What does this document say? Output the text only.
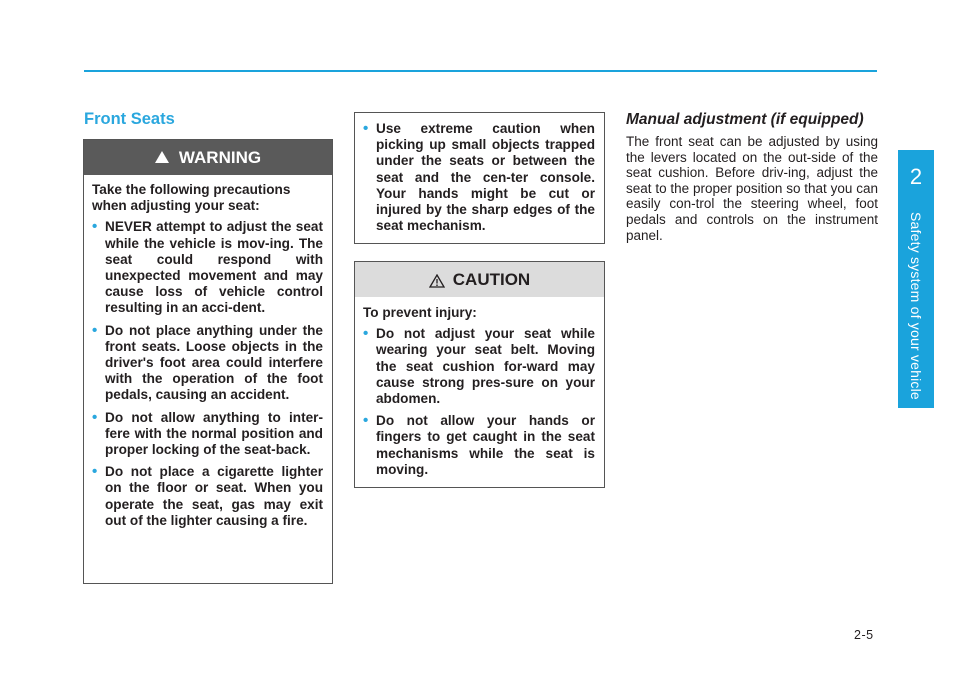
Front Seats
WARNING

Take the following precautions when adjusting your seat:

• NEVER attempt to adjust the seat while the vehicle is mov-ing. The seat could respond with unexpected movement and may cause loss of vehicle control resulting in an acci-dent.
• Do not place anything under the front seats. Loose objects in the driver's foot area could interfere with the operation of the foot pedals, causing an accident.
• Do not allow anything to inter-fere with the normal position and proper locking of the seat-back.
• Do not place a cigarette lighter on the floor or seat. When you operate the seat, gas may exit out of the lighter causing a fire.
• Use extreme caution when picking up small objects trapped under the seats or between the seat and the cen-ter console. Your hands might be cut or injured by the sharp edges of the seat mechanism.
CAUTION

To prevent injury:

• Do not adjust your seat while wearing your seat belt. Moving the seat cushion for-ward may cause strong pres-sure on your abdomen.
• Do not allow your hands or fingers to get caught in the seat mechanisms while the seat is moving.
Manual adjustment (if equipped)
The front seat can be adjusted by using the levers located on the out-side of the seat cushion. Before driv-ing, adjust the seat to the proper position so that you can easily con-trol the steering wheel, foot pedals and controls on the instrument panel.
2
Safety system of your vehicle
2-5
